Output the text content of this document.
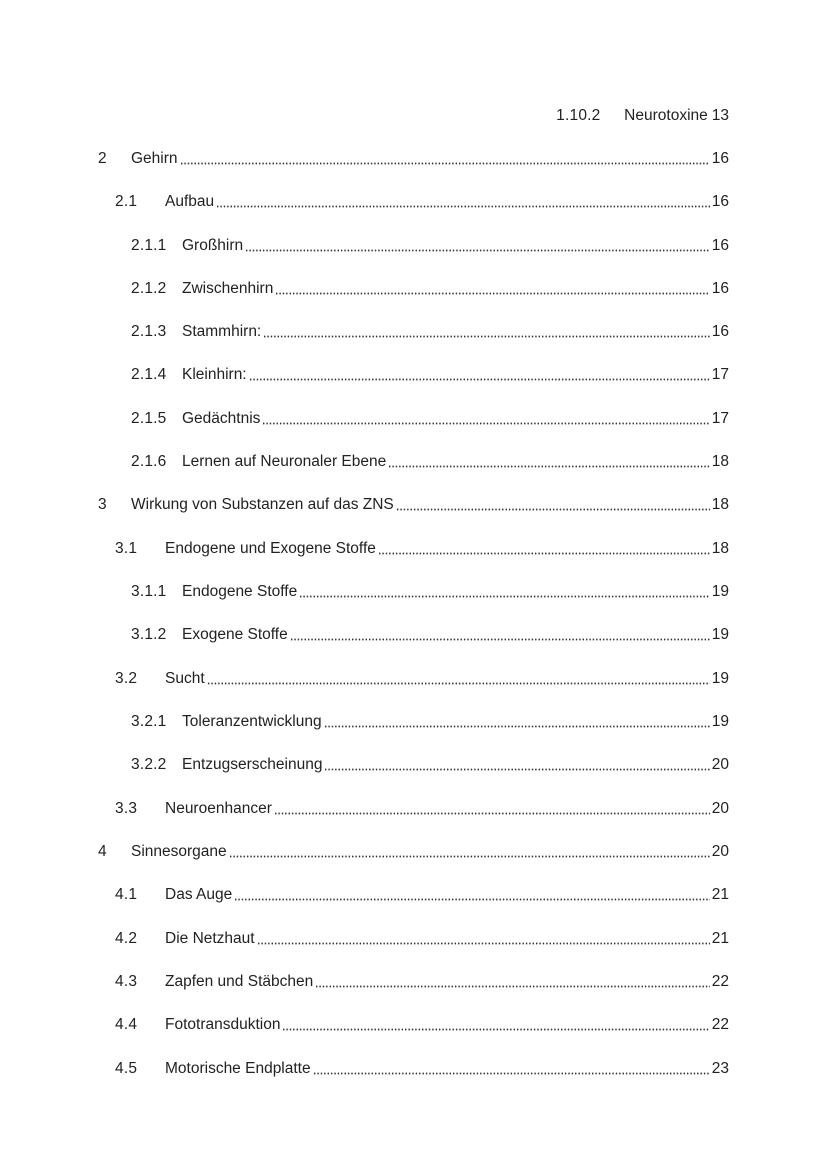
1.10.2	Neurotoxine 13
2	Gehirn	16
2.1	Aufbau	16
2.1.1	Großhirn	16
2.1.2	Zwischenhirn	16
2.1.3	Stammhirn:	16
2.1.4	Kleinhirn:	17
2.1.5	Gedächtnis	17
2.1.6	Lernen auf Neuronaler Ebene	18
3	Wirkung von Substanzen auf das ZNS	18
3.1	Endogene und Exogene Stoffe	18
3.1.1	Endogene Stoffe	19
3.1.2	Exogene Stoffe	19
3.2	Sucht	19
3.2.1	Toleranzentwicklung	19
3.2.2	Entzugserscheinung	20
3.3	Neuroenhancer	20
4	Sinnesorgane	20
4.1	Das Auge	21
4.2	Die Netzhaut	21
4.3	Zapfen und Stäbchen	22
4.4	Fototransduktion	22
4.5	Motorische Endplatte	23
